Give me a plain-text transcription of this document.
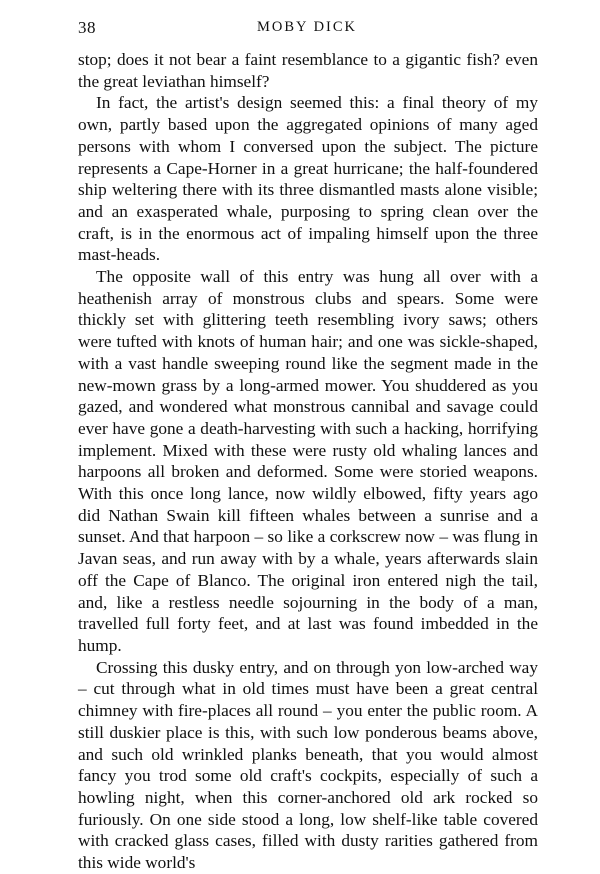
38	MOBY DICK

stop; does it not bear a faint resemblance to a gigantic fish? even the great leviathan himself?

In fact, the artist's design seemed this: a final theory of my own, partly based upon the aggregated opinions of many aged persons with whom I conversed upon the subject. The picture represents a Cape-Horner in a great hurricane; the half-foundered ship weltering there with its three dismantled masts alone visible; and an exasperated whale, purposing to spring clean over the craft, is in the enormous act of impaling himself upon the three mast-heads.

The opposite wall of this entry was hung all over with a heathenish array of monstrous clubs and spears. Some were thickly set with glittering teeth resembling ivory saws; others were tufted with knots of human hair; and one was sickle-shaped, with a vast handle sweeping round like the segment made in the new-mown grass by a long-armed mower. You shuddered as you gazed, and wondered what monstrous cannibal and savage could ever have gone a death-harvesting with such a hacking, horrifying implement. Mixed with these were rusty old whaling lances and harpoons all broken and deformed. Some were storied weapons. With this once long lance, now wildly elbowed, fifty years ago did Nathan Swain kill fifteen whales between a sunrise and a sunset. And that harpoon – so like a corkscrew now – was flung in Javan seas, and run away with by a whale, years afterwards slain off the Cape of Blanco. The original iron entered nigh the tail, and, like a restless needle sojourning in the body of a man, travelled full forty feet, and at last was found imbedded in the hump.

Crossing this dusky entry, and on through yon low-arched way – cut through what in old times must have been a great central chimney with fire-places all round – you enter the public room. A still duskier place is this, with such low ponderous beams above, and such old wrinkled planks beneath, that you would almost fancy you trod some old craft's cockpits, especially of such a howling night, when this corner-anchored old ark rocked so furiously. On one side stood a long, low shelf-like table covered with cracked glass cases, filled with dusty rarities gathered from this wide world's
